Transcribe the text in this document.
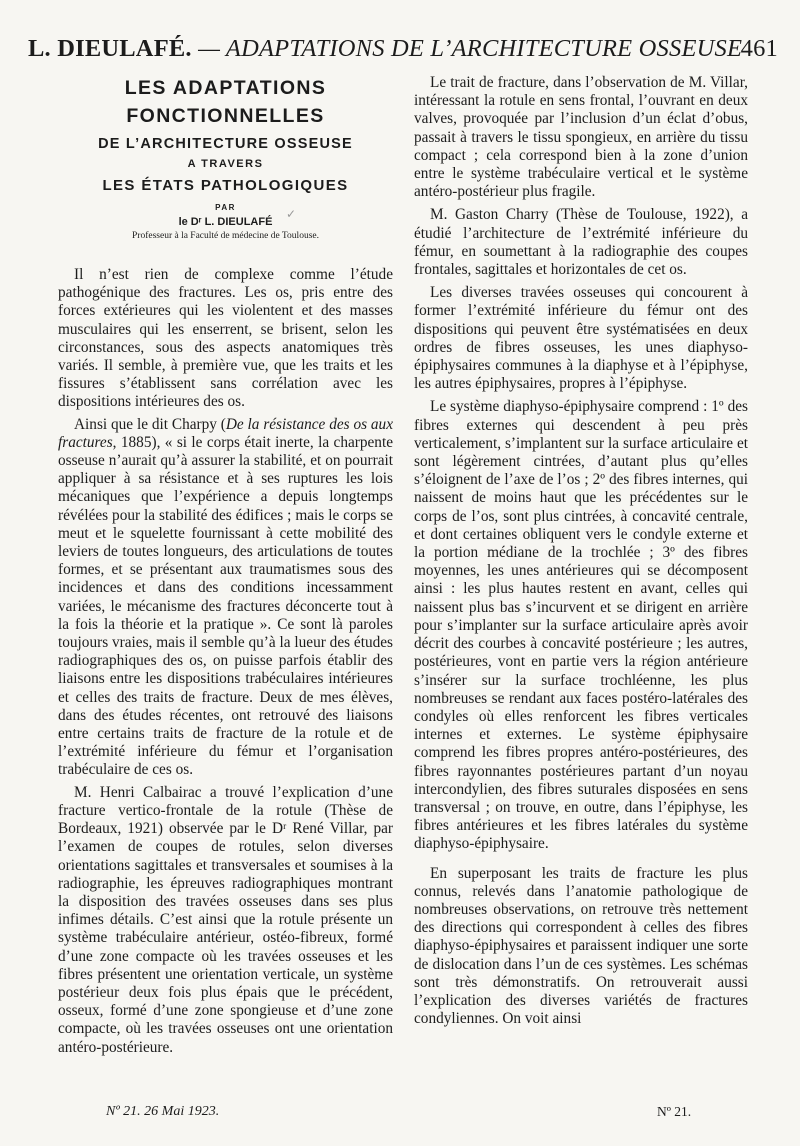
L. DIEULAFÉ. — ADAPTATIONS DE L’ARCHITECTURE OSSEUSE
461
LES ADAPTATIONS
FONCTIONNELLES
DE L’ARCHITECTURE OSSEUSE
A TRAVERS
LES ÉTATS PATHOLOGIQUES
PAR
le Dʳ L. DIEULAFÉ
Professeur à la Faculté de médecine de Toulouse.

Il n’est rien de complexe comme l’étude pathogénique des fractures. Les os, pris entre des forces extérieures qui les violentent et des masses musculaires qui les enserrent, se brisent, selon les circonstances, sous des aspects anatomiques très variés. Il semble, à première vue, que les traits et les fissures s’établissent sans corrélation avec les dispositions intérieures des os.

Ainsi que le dit Charpy (De la résistance des os aux fractures, 1885), « si le corps était inerte, la charpente osseuse n’aurait qu’à assurer la stabilité, et on pourrait appliquer à sa résistance et à ses ruptures les lois mécaniques que l’expérience a depuis longtemps révélées pour la stabilité des édifices ; mais le corps se meut et le squelette fournissant à cette mobilité des leviers de toutes longueurs, des articulations de toutes formes, et se présentant aux traumatismes sous des incidences et dans des conditions incessamment variées, le mécanisme des fractures déconcerte tout à la fois la théorie et la pratique ». Ce sont là paroles toujours vraies, mais il semble qu’à la lueur des études radiographiques des os, on puisse parfois établir des liaisons entre les dispositions trabéculaires intérieures et celles des traits de fracture. Deux de mes élèves, dans des études récentes, ont retrouvé des liaisons entre certains traits de fracture de la rotule et de l’extrémité inférieure du fémur et l’organisation trabéculaire de ces os.

M. Henri Calbairac a trouvé l’explication d’une fracture vertico-frontale de la rotule (Thèse de Bordeaux, 1921) observée par le Dʳ René Villar, par l’examen de coupes de rotules, selon diverses orientations sagittales et transversales et soumises à la radiographie, les épreuves radiographiques montrant la disposition des travées osseuses dans ses plus infimes détails. C’est ainsi que la rotule présente un système trabéculaire antérieur, ostéo-fibreux, formé d’une zone compacte où les travées osseuses et les fibres présentent une orientation verticale, un système postérieur deux fois plus épais que le précédent, osseux, formé d’une zone spongieuse et d’une zone compacte, où les travées osseuses ont une orientation antéro-postérieure.

✓

Le trait de fracture, dans l’observation de M. Villar, intéressant la rotule en sens frontal, l’ouvrant en deux valves, provoquée par l’inclusion d’un éclat d’obus, passait à travers le tissu spongieux, en arrière du tissu compact ; cela correspond bien à la zone d’union entre le système trabéculaire vertical et le système antéro-postérieur plus fragile.

M. Gaston Charry (Thèse de Toulouse, 1922), a étudié l’architecture de l’extrémité inférieure du fémur, en soumettant à la radiographie des coupes frontales, sagittales et horizontales de cet os.

Les diverses travées osseuses qui concourent à former l’extrémité inférieure du fémur ont des dispositions qui peuvent être systématisées en deux ordres de fibres osseuses, les unes diaphyso-épiphysaires communes à la diaphyse et à l’épiphyse, les autres épiphysaires, propres à l’épiphyse.

Le système diaphyso-épiphysaire comprend : 1º des fibres externes qui descendent à peu près verticalement, s’implantent sur la surface articulaire et sont légèrement cintrées, d’autant plus qu’elles s’éloignent de l’axe de l’os ; 2º des fibres internes, qui naissent de moins haut que les précédentes sur le corps de l’os, sont plus cintrées, à concavité centrale, et dont certaines obliquent vers le condyle externe et la portion médiane de la trochlée ; 3º des fibres moyennes, les unes antérieures qui se décomposent ainsi : les plus hautes restent en avant, celles qui naissent plus bas s’incurvent et se dirigent en arrière pour s’implanter sur la surface articulaire après avoir décrit des courbes à concavité postérieure ; les autres, postérieures, vont en partie vers la région antérieure s’insérer sur la surface trochléenne, les plus nombreuses se rendant aux faces postéro-latérales des condyles où elles renforcent les fibres verticales internes et externes. Le système épiphysaire comprend les fibres propres antéro-postérieures, des fibres rayonnantes postérieures partant d’un noyau intercondylien, des fibres suturales disposées en sens transversal ; on trouve, en outre, dans l’épiphyse, les fibres antérieures et les fibres latérales du système diaphyso-épiphysaire.

En superposant les traits de fracture les plus connus, relevés dans l’anatomie pathologique de nombreuses observations, on retrouve très nettement des directions qui correspondent à celles des fibres diaphyso-épiphysaires et paraissent indiquer une sorte de dislocation dans l’un de ces systèmes. Les schémas sont très démonstratifs. On retrouverait aussi l’explication des diverses variétés de fractures condyliennes. On voit ainsi

Nº 21. 26 Mai 1923.	Nº 21.
